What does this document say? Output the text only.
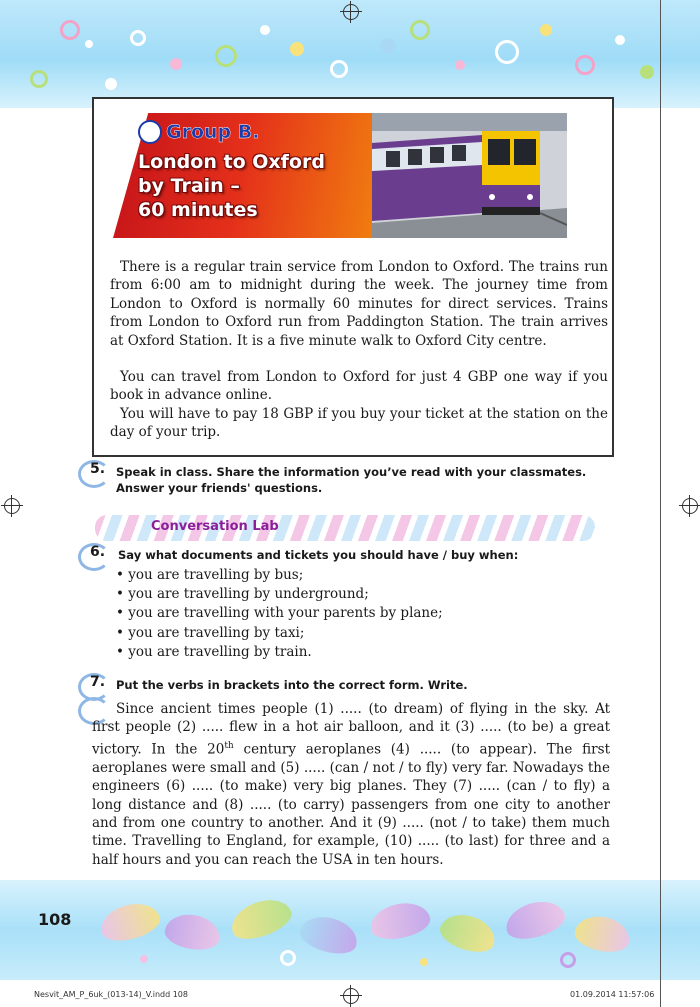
Group B.
London to Oxford
by Train –
60 minutes

There is a regular train service from London to Oxford. The trains run from 6:00 am to midnight during the week. The journey time from London to Oxford is normally 60 minutes for direct services. Trains from London to Oxford run from Paddington Station. The train arrives at Oxford Station. It is a five minute walk to Oxford City centre.

You can travel from London to Oxford for just 4 GBP one way if you book in advance online.

You will have to pay 18 GBP if you buy your ticket at the station on the day of your trip.

5. Speak in class. Share the information you’ve read with your classmates. Answer your friends' questions.

Conversation Lab
6. Say what documents and tickets you should have / buy when:

• you are travelling by bus;
• you are travelling by underground;
• you are travelling with your parents by plane;
• you are travelling by taxi;
• you are travelling by train.
7. Put the verbs in brackets into the correct form. Write.

Since ancient times people (1) ..... (to dream) of flying in the sky. At first people (2) ..... flew in a hot air balloon, and it (3) ..... (to be) a great victory. In the 20th century aeroplanes (4) ..... (to appear). The first aeroplanes were small and (5) ..... (can / not / to fly) very far. Nowadays the engineers (6) ..... (to make) very big planes. They (7) ..... (can / to fly) a long distance and (8) ..... (to carry) passengers from one city to another and from one country to another. And it (9) ..... (not / to take) them much time. Travelling to England, for example, (10) ..... (to last) for three and a half hours and you can reach the USA in ten hours.

108
Nesvit_AM_P_6uk_(013-14)_V.indd 108	01.09.2014 11:57:06
